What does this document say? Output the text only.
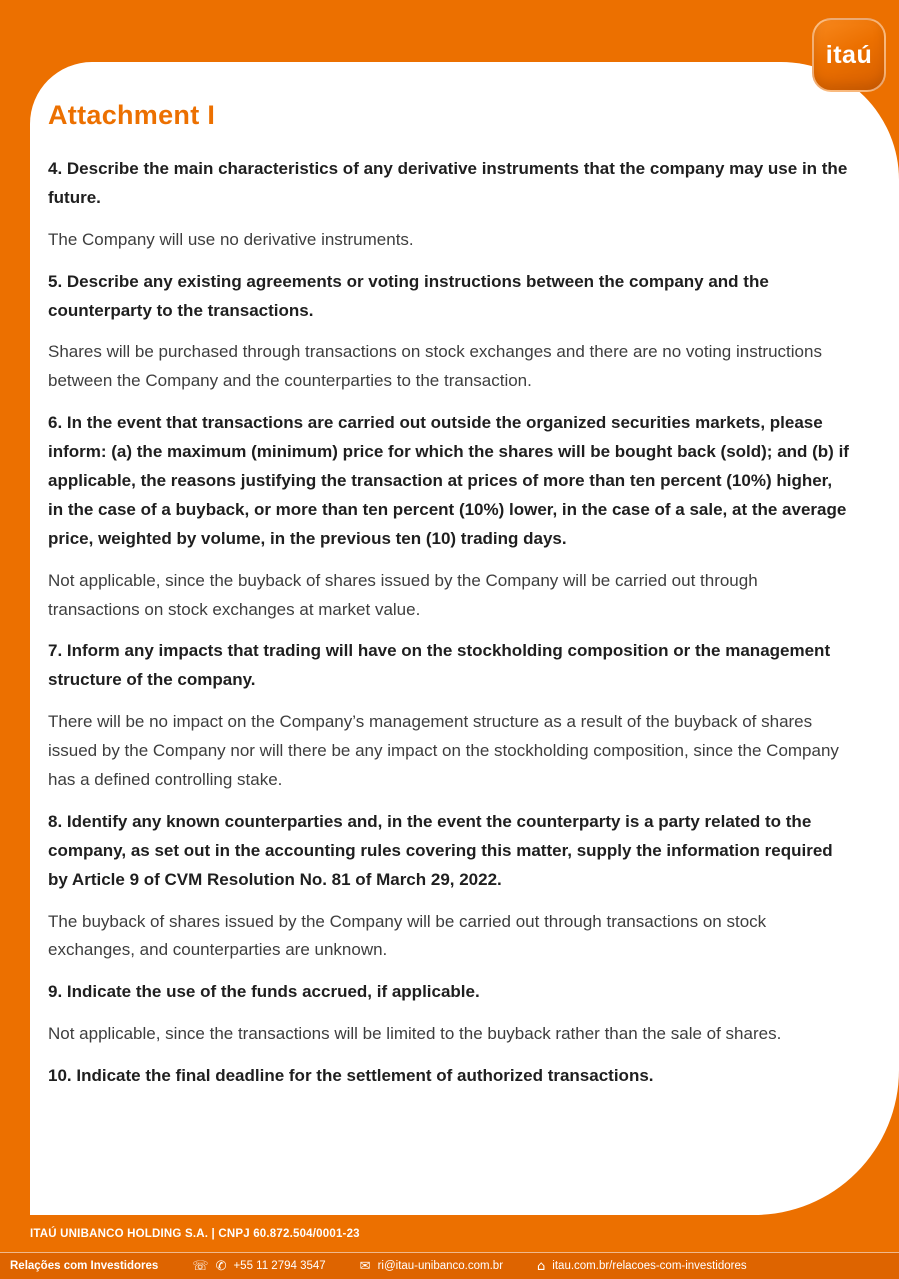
Attachment I

4. Describe the main characteristics of any derivative instruments that the company may use in the future.

The Company will use no derivative instruments.

5. Describe any existing agreements or voting instructions between the company and the counterparty to the transactions.

Shares will be purchased through transactions on stock exchanges and there are no voting instructions between the Company and the counterparties to the transaction.

6. In the event that transactions are carried out outside the organized securities markets, please inform: (a) the maximum (minimum) price for which the shares will be bought back (sold); and (b) if applicable, the reasons justifying the transaction at prices of more than ten percent (10%) higher, in the case of a buyback, or more than ten percent (10%) lower, in the case of a sale, at the average price, weighted by volume, in the previous ten (10) trading days.

Not applicable, since the buyback of shares issued by the Company will be carried out through transactions on stock exchanges at market value.

7. Inform any impacts that trading will have on the stockholding composition or the management structure of the company.

There will be no impact on the Company’s management structure as a result of the buyback of shares issued by the Company nor will there be any impact on the stockholding composition, since the Company has a defined controlling stake.

8. Identify any known counterparties and, in the event the counterparty is a party related to the company, as set out in the accounting rules covering this matter, supply the information required by Article 9 of CVM Resolution No. 81 of March 29, 2022.

The buyback of shares issued by the Company will be carried out through transactions on stock exchanges, and counterparties are unknown.

9. Indicate the use of the funds accrued, if applicable.

Not applicable, since the transactions will be limited to the buyback rather than the sale of shares.

10. Indicate the final deadline for the settlement of authorized transactions.

itaú
ITAÚ UNIBANCO HOLDING S.A. | CNPJ 60.872.504/0001-23
Relações com Investidores	☏ ✆ +55 11 2794 3547	✉ ri@itau-unibanco.com.br	⌂ itau.com.br/relacoes-com-investidores
